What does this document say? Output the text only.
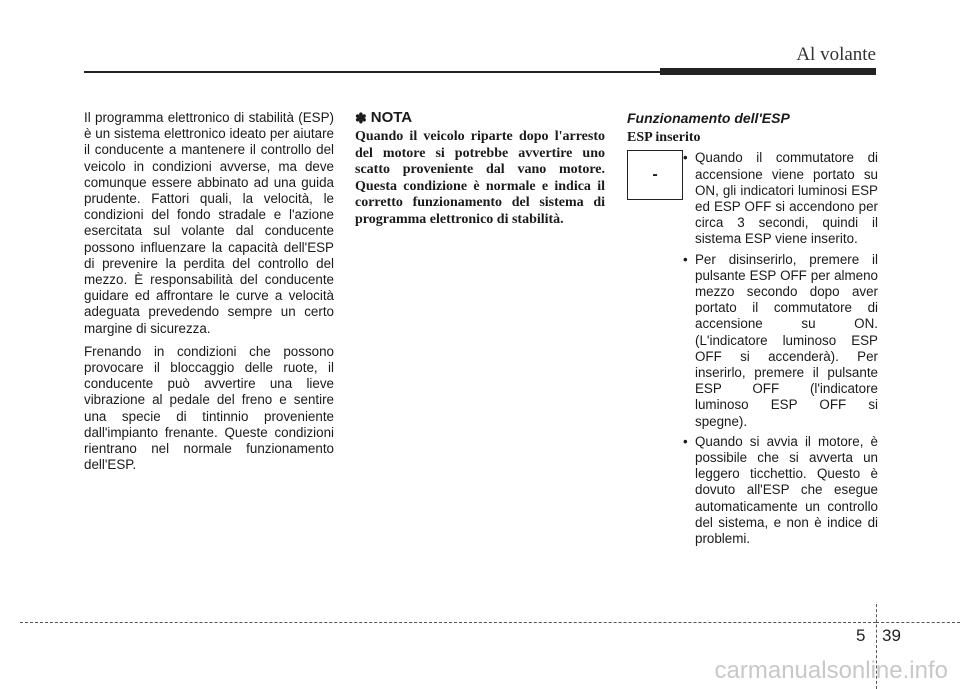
Al volante

Il programma elettronico di stabilità (ESP) è un sistema elettronico ideato per aiutare il conducente a mantenere il controllo del veicolo in condizioni avverse, ma deve comunque essere abbinato ad una guida prudente. Fattori quali, la velocità, le condizioni del fondo stradale e l'azione esercitata sul volante dal conducente possono influenzare la capacità dell'ESP di prevenire la perdita del controllo del mezzo. È responsabilità del conducente guidare ed affrontare le curve a velocità adeguata prevedendo sempre un certo margine di sicurezza.

Frenando in condizioni che possono provocare il bloccaggio delle ruote, il conducente può avvertire una lieve vibrazione al pedale del freno e sentire una specie di tintinnio proveniente dall'impianto frenante. Queste condizioni rientrano nel normale funzionamento dell'ESP.

✽ NOTA
Quando il veicolo riparte dopo l'arresto del motore si potrebbe avvertire uno scatto proveniente dal vano motore. Questa condizione è normale e indica il corretto funzionamento del sistema di programma elettronico di stabilità.
Funzionamento dell'ESP
ESP inserito
• Quando il commutatore di accensione viene portato su ON, gli indicatori luminosi ESP ed ESP OFF si accendono per circa 3 secondi, quindi il sistema ESP viene inserito.
• Per disinserirlo, premere il pulsante ESP OFF per almeno mezzo secondo dopo aver portato il commutatore di accensione su ON. (L'indicatore luminoso ESP OFF si accenderà). Per inserirlo, premere il pulsante ESP OFF (l'indicatore luminoso ESP OFF si spegne).
• Quando si avvia il motore, è possibile che si avverta un leggero ticchettio. Questo è dovuto all'ESP che esegue automaticamente un controllo del sistema, e non è indice di problemi.
-
5 39
carmanualsonline.info
